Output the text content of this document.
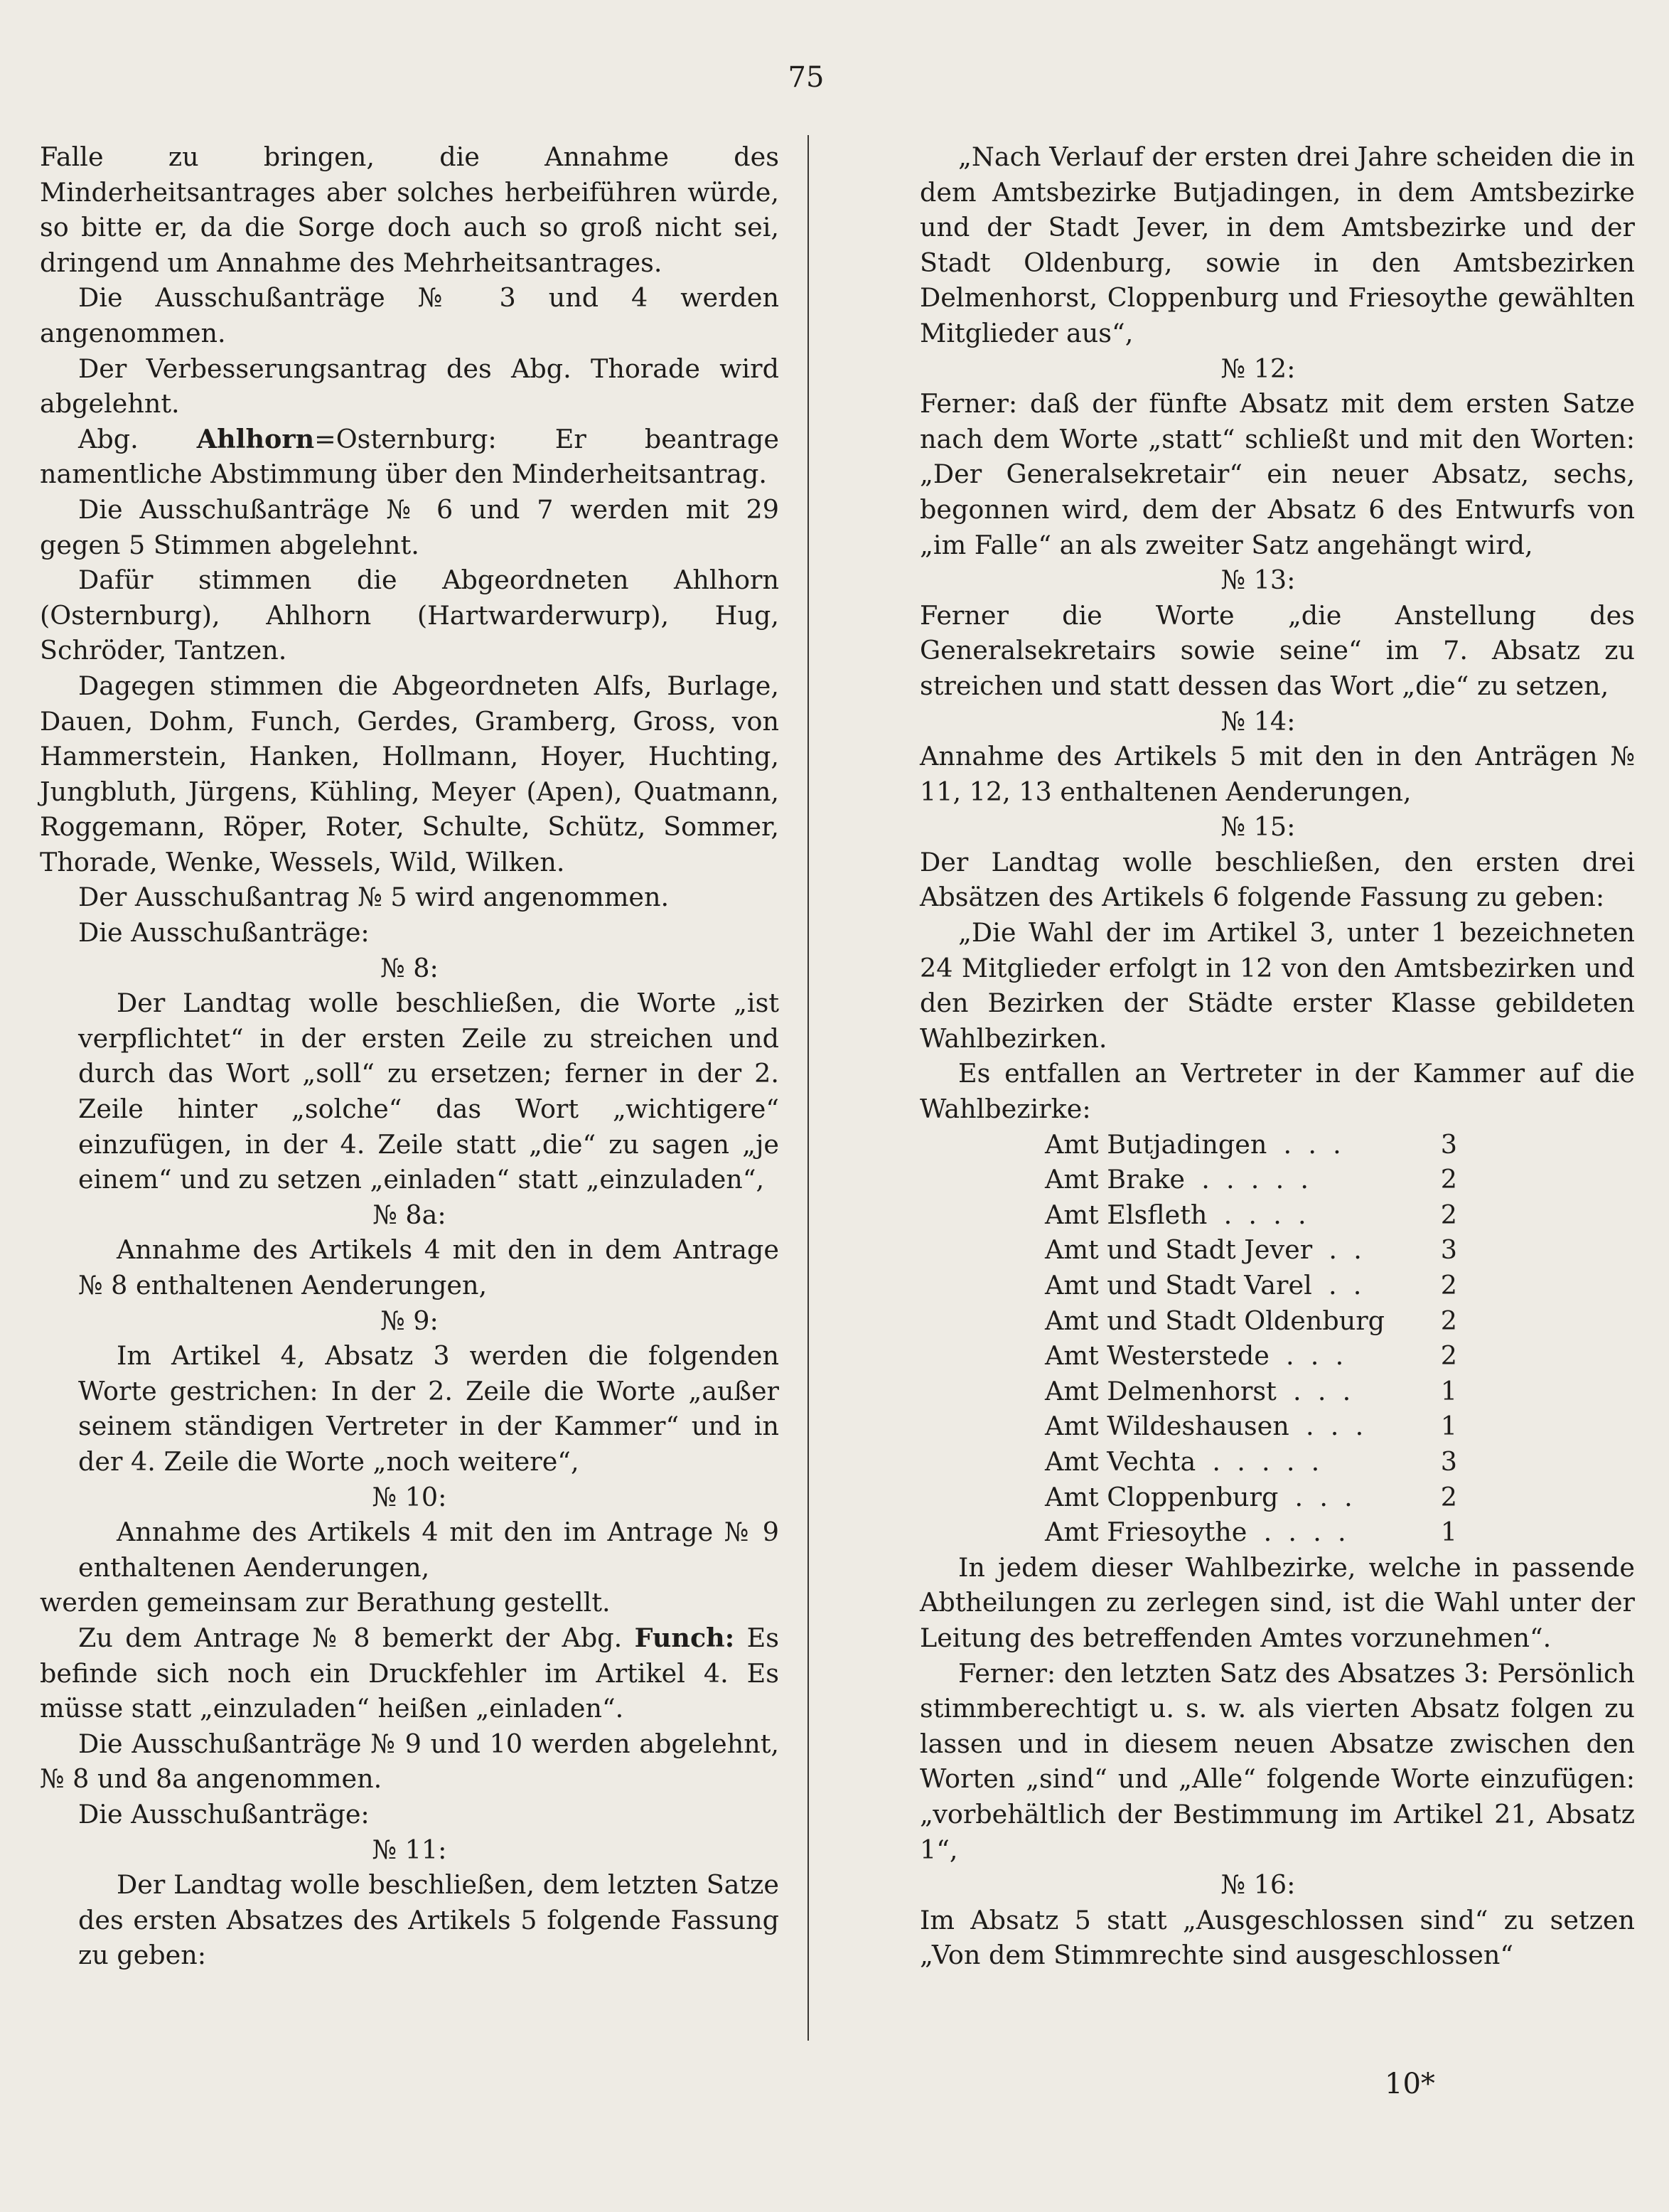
75

Falle zu bringen, die Annahme des Minderheitsantrages aber solches herbeiführen würde, so bitte er, da die Sorge doch auch so groß nicht sei, dringend um Annahme des Mehrheitsantrages.

Die Ausschußanträge № 3 und 4 werden angenommen.

Der Verbesserungsantrag des Abg. Thorade wird abgelehnt.

Abg. Ahlhorn=Osternburg: Er beantrage namentliche Abstimmung über den Minderheitsantrag.

Die Ausschußanträge № 6 und 7 werden mit 29 gegen 5 Stimmen abgelehnt.

Dafür stimmen die Abgeordneten Ahlhorn (Osternburg), Ahlhorn (Hartwarderwurp), Hug, Schröder, Tantzen.

Dagegen stimmen die Abgeordneten Alfs, Burlage, Dauen, Dohm, Funch, Gerdes, Gramberg, Gross, von Hammerstein, Hanken, Hollmann, Hoyer, Huchting, Jungbluth, Jürgens, Kühling, Meyer (Apen), Quatmann, Roggemann, Röper, Roter, Schulte, Schütz, Sommer, Thorade, Wenke, Wessels, Wild, Wilken.

Der Ausschußantrag № 5 wird angenommen.

Die Ausschußanträge:

№ 8:

Der Landtag wolle beschließen, die Worte „ist verpflichtet“ in der ersten Zeile zu streichen und durch das Wort „soll“ zu ersetzen; ferner in der 2. Zeile hinter „solche“ das Wort „wichtigere“ einzufügen, in der 4. Zeile statt „die“ zu sagen „je einem“ und zu setzen „einladen“ statt „einzuladen“,

№ 8a:

Annahme des Artikels 4 mit den in dem Antrage № 8 enthaltenen Aenderungen,

№ 9:

Im Artikel 4, Absatz 3 werden die folgenden Worte gestrichen: In der 2. Zeile die Worte „außer seinem ständigen Vertreter in der Kammer“ und in der 4. Zeile die Worte „noch weitere“,

№ 10:

Annahme des Artikels 4 mit den im Antrage № 9 enthaltenen Aenderungen,

werden gemeinsam zur Berathung gestellt.

Zu dem Antrage № 8 bemerkt der Abg. Funch: Es befinde sich noch ein Druckfehler im Artikel 4. Es müsse statt „einzuladen“ heißen „einladen“.

Die Ausschußanträge № 9 und 10 werden abgelehnt, № 8 und 8a angenommen.

Die Ausschußanträge:

№ 11:

Der Landtag wolle beschließen, dem letzten Satze des ersten Absatzes des Artikels 5 folgende Fassung zu geben:

„Nach Verlauf der ersten drei Jahre scheiden die in dem Amtsbezirke Butjadingen, in dem Amtsbezirke und der Stadt Jever, in dem Amtsbezirke und der Stadt Oldenburg, sowie in den Amtsbezirken Delmenhorst, Cloppenburg und Friesoythe gewählten Mitglieder aus“,

№ 12:

Ferner: daß der fünfte Absatz mit dem ersten Satze nach dem Worte „statt“ schließt und mit den Worten: „Der Generalsekretair“ ein neuer Absatz, sechs, begonnen wird, dem der Absatz 6 des Entwurfs von „im Falle“ an als zweiter Satz angehängt wird,

№ 13:

Ferner die Worte „die Anstellung des Generalsekretairs sowie seine“ im 7. Absatz zu streichen und statt dessen das Wort „die“ zu setzen,

№ 14:

Annahme des Artikels 5 mit den in den Anträgen № 11, 12, 13 enthaltenen Aenderungen,

№ 15:

Der Landtag wolle beschließen, den ersten drei Absätzen des Artikels 6 folgende Fassung zu geben:

„Die Wahl der im Artikel 3, unter 1 bezeichneten 24 Mitglieder erfolgt in 12 von den Amtsbezirken und den Bezirken der Städte erster Klasse gebildeten Wahlbezirken.

Es entfallen an Vertreter in der Kammer auf die Wahlbezirke:

Amt Butjadingen  .  .  .	3
Amt Brake  .  .  .  .  .	2
Amt Elsfleth  .  .  .  .	2
Amt und Stadt Jever  .  .	3
Amt und Stadt Varel  .  .	2
Amt und Stadt Oldenburg	2
Amt Westerstede  .  .  .	2
Amt Delmenhorst  .  .  .	1
Amt Wildeshausen  .  .  .	1
Amt Vechta  .  .  .  .  .	3
Amt Cloppenburg  .  .  .	2
Amt Friesoythe  .  .  .  .	1

In jedem dieser Wahlbezirke, welche in passende Abtheilungen zu zerlegen sind, ist die Wahl unter der Leitung des betreffenden Amtes vorzunehmen“.

Ferner: den letzten Satz des Absatzes 3: Persönlich stimmberechtigt u. s. w. als vierten Absatz folgen zu lassen und in diesem neuen Absatze zwischen den Worten „sind“ und „Alle“ folgende Worte einzufügen: „vorbehältlich der Bestimmung im Artikel 21, Absatz 1“,

№ 16:

Im Absatz 5 statt „Ausgeschlossen sind“ zu setzen „Von dem Stimmrechte sind ausgeschlossen“

10*
